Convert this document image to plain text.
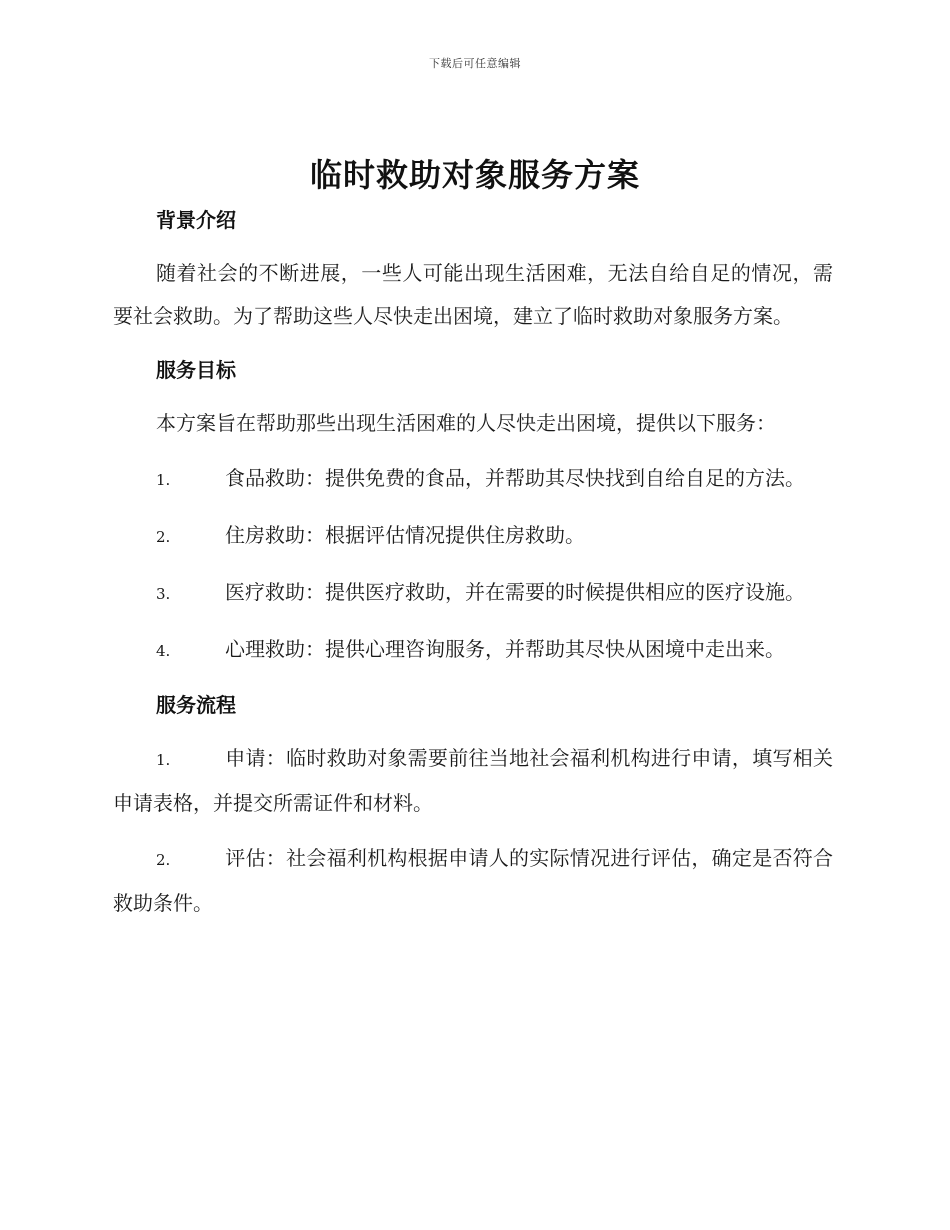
下载后可任意编辑
临时救助对象服务方案
背景介绍

随着社会的不断进展，一些人可能出现生活困难，无法自给自足的情况，需要社会救助。为了帮助这些人尽快走出困境，建立了临时救助对象服务方案。

服务目标

本方案旨在帮助那些出现生活困难的人尽快走出困境，提供以下服务：

1.	食品救助：提供免费的食品，并帮助其尽快找到自给自足的方法。

2.	住房救助：根据评估情况提供住房救助。

3.	医疗救助：提供医疗救助，并在需要的时候提供相应的医疗设施。

4.	心理救助：提供心理咨询服务，并帮助其尽快从困境中走出来。

服务流程

1.	申请：临时救助对象需要前往当地社会福利机构进行申请，填写相关申请表格，并提交所需证件和材料。

2.	评估：社会福利机构根据申请人的实际情况进行评估，确定是否符合救助条件。
